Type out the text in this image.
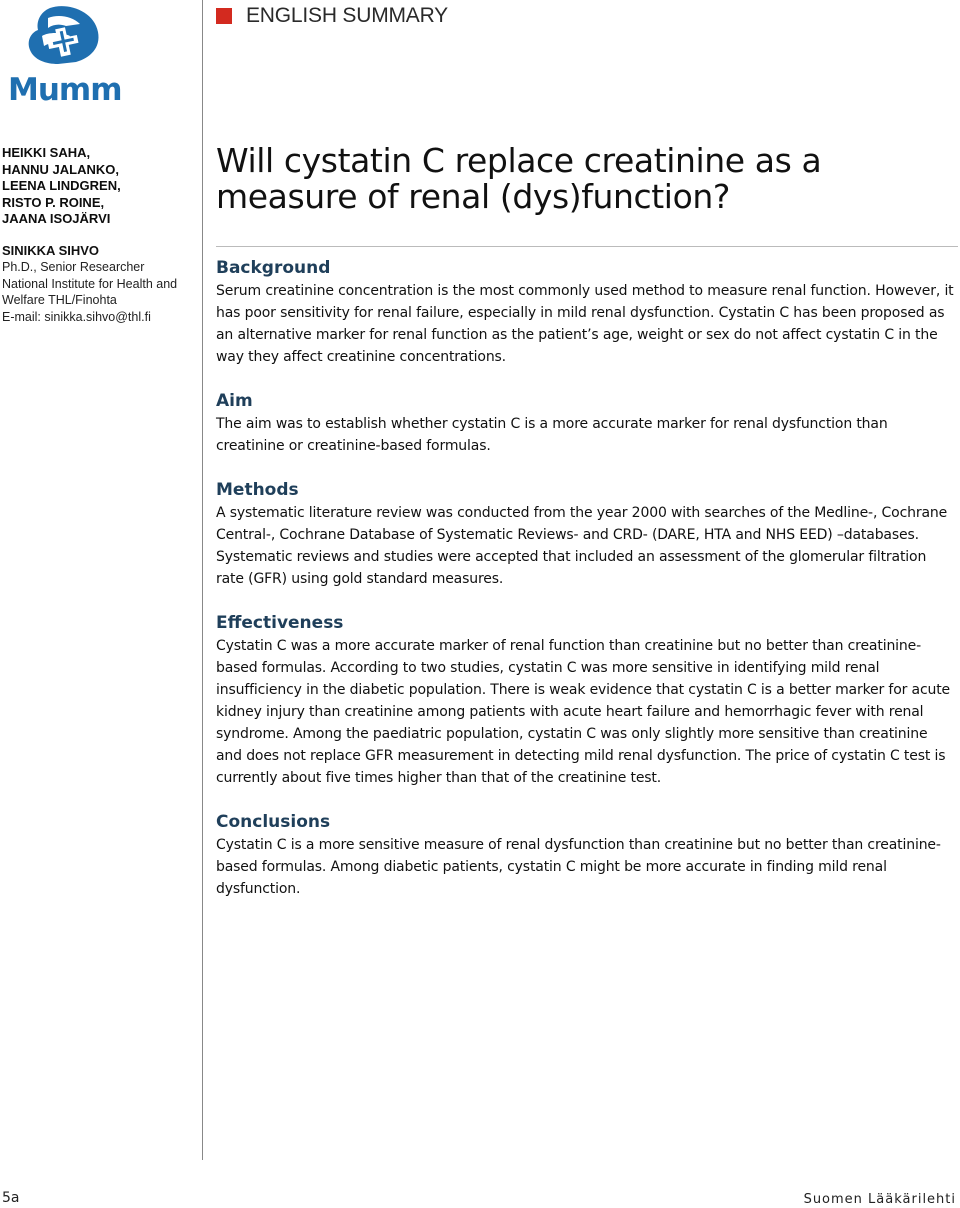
Mumm
HEIKKI SAHA,
HANNU JALANKO,
LEENA LINDGREN,
RISTO P. ROINE,
JAANA ISOJÄRVI
SINIKKA SIHVO
Ph.D., Senior Researcher
National Institute for Health and
Welfare THL/Finohta
E-mail: sinikka.sihvo@thl.fi
ENGLISH SUMMARY
Will cystatin C replace creatinine as a measure of renal (dys)function?
Background

Serum creatinine concentration is the most commonly used method to measure renal function. However, it has poor sensitivity for renal failure, especially in mild renal dysfunction. Cystatin C has been proposed as an alternative marker for renal function as the patient’s age, weight or sex do not affect cystatin C in the way they affect creatinine concentrations.

Aim

The aim was to establish whether cystatin C is a more accurate marker for renal dysfunction than creatinine or creatinine-based formulas.

Methods

A systematic literature review was conducted from the year 2000 with searches of the Medline-, Cochrane Central-, Cochrane Database of Systematic Reviews- and CRD- (DARE, HTA and NHS EED) –databases. Systematic reviews and studies were accepted that included an assessment of the glomerular filtration rate (GFR) using gold standard measures.

Effectiveness

Cystatin C was a more accurate marker of renal function than creatinine but no better than creatinine-based formulas. According to two studies, cystatin C was more sensitive in identifying mild renal insufficiency in the diabetic population. There is weak evidence that cystatin C is a better marker for acute kidney injury than creatinine among patients with acute heart failure and hemorrhagic fever with renal syndrome. Among the paediatric population, cystatin C was only slightly more sensitive than creatinine and does not replace GFR measurement in detecting mild renal dysfunction. The price of cystatin C test is currently about five times higher than that of the creatinine test.

Conclusions

Cystatin C is a more sensitive measure of renal dysfunction than creatinine but no better than creatinine-based formulas. Among diabetic patients, cystatin C might be more accurate in finding mild renal dysfunction.

5a	Suomen Lääkärilehti
